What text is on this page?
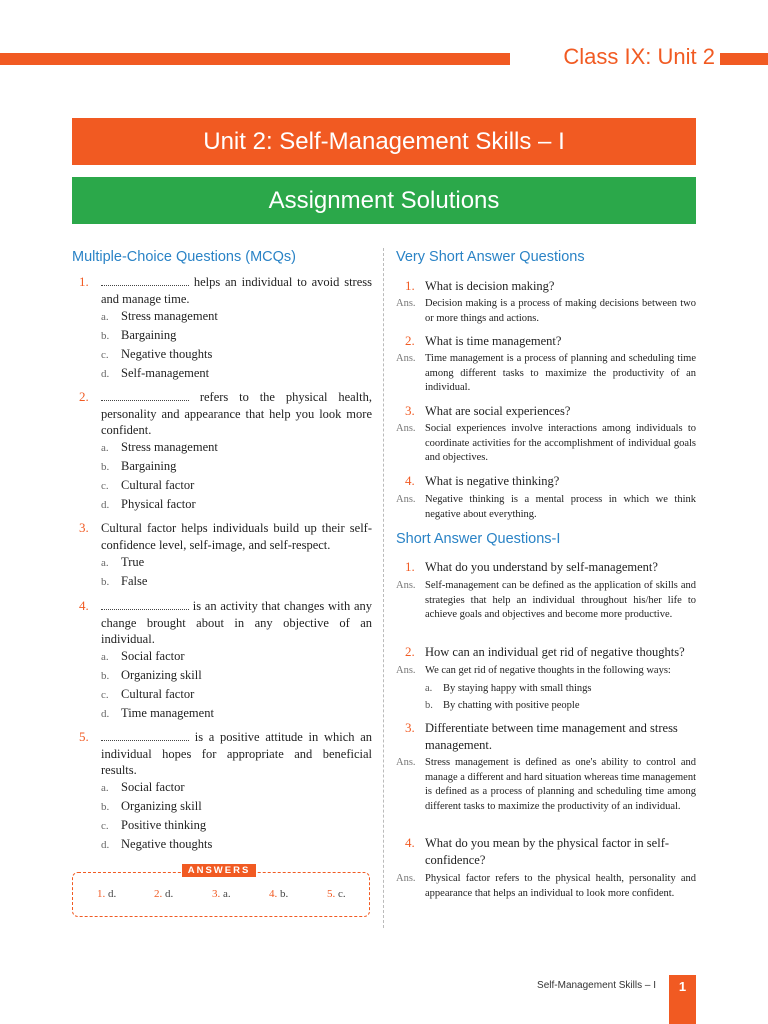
Class IX: Unit 2
Unit 2: Self-Management Skills – I
Assignment Solutions
Multiple-Choice Questions (MCQs)
1.	helps an individual to avoid stress and manage time.
a. Stress management
b. Bargaining
c. Negative thoughts
d. Self-management
2.	refers to the physical health, personality and appearance that help you look more confident.
a. Stress management
b. Bargaining
c. Cultural factor
d. Physical factor
3. Cultural factor helps individuals build up their self-confidence level, self-image, and self-respect.
a. True
b. False
4.	is an activity that changes with any change brought about in any objective of an individual.
a. Social factor
b. Organizing skill
c. Cultural factor
d. Time management
5.	is a positive attitude in which an individual hopes for appropriate and beneficial results.
a. Social factor
b. Organizing skill
c. Positive thinking
d. Negative thoughts
ANSWERS
1. d.	2. d.	3. a.	4. b.	5. c.
Very Short Answer Questions
1. What is decision making?
Ans. Decision making is a process of making decisions between two or more things and actions.
2. What is time management?
Ans. Time management is a process of planning and scheduling time among different tasks to maximize the productivity of an individual.
3. What are social experiences?
Ans. Social experiences involve interactions among individuals to coordinate activities for the accomplishment of individual goals and objectives.
4. What is negative thinking?
Ans. Negative thinking is a mental process in which we think negative about everything.
Short Answer Questions-I
1. What do you understand by self-management?
Ans. Self-management can be defined as the application of skills and strategies that help an individual throughout his/her life to achieve goals and objectives and become more productive.
2. How can an individual get rid of negative thoughts?
Ans. We can get rid of negative thoughts in the following ways:
a. By staying happy with small things
b. By chatting with positive people
3. Differentiate between time management and stress management.
Ans. Stress management is defined as one's ability to control and manage a different and hard situation whereas time management is defined as a process of planning and scheduling time among different tasks to maximize the productivity of an individual.
4. What do you mean by the physical factor in self-confidence?
Ans. Physical factor refers to the physical health, personality and appearance that helps an individual to look more confident.
Self-Management Skills – I	1
